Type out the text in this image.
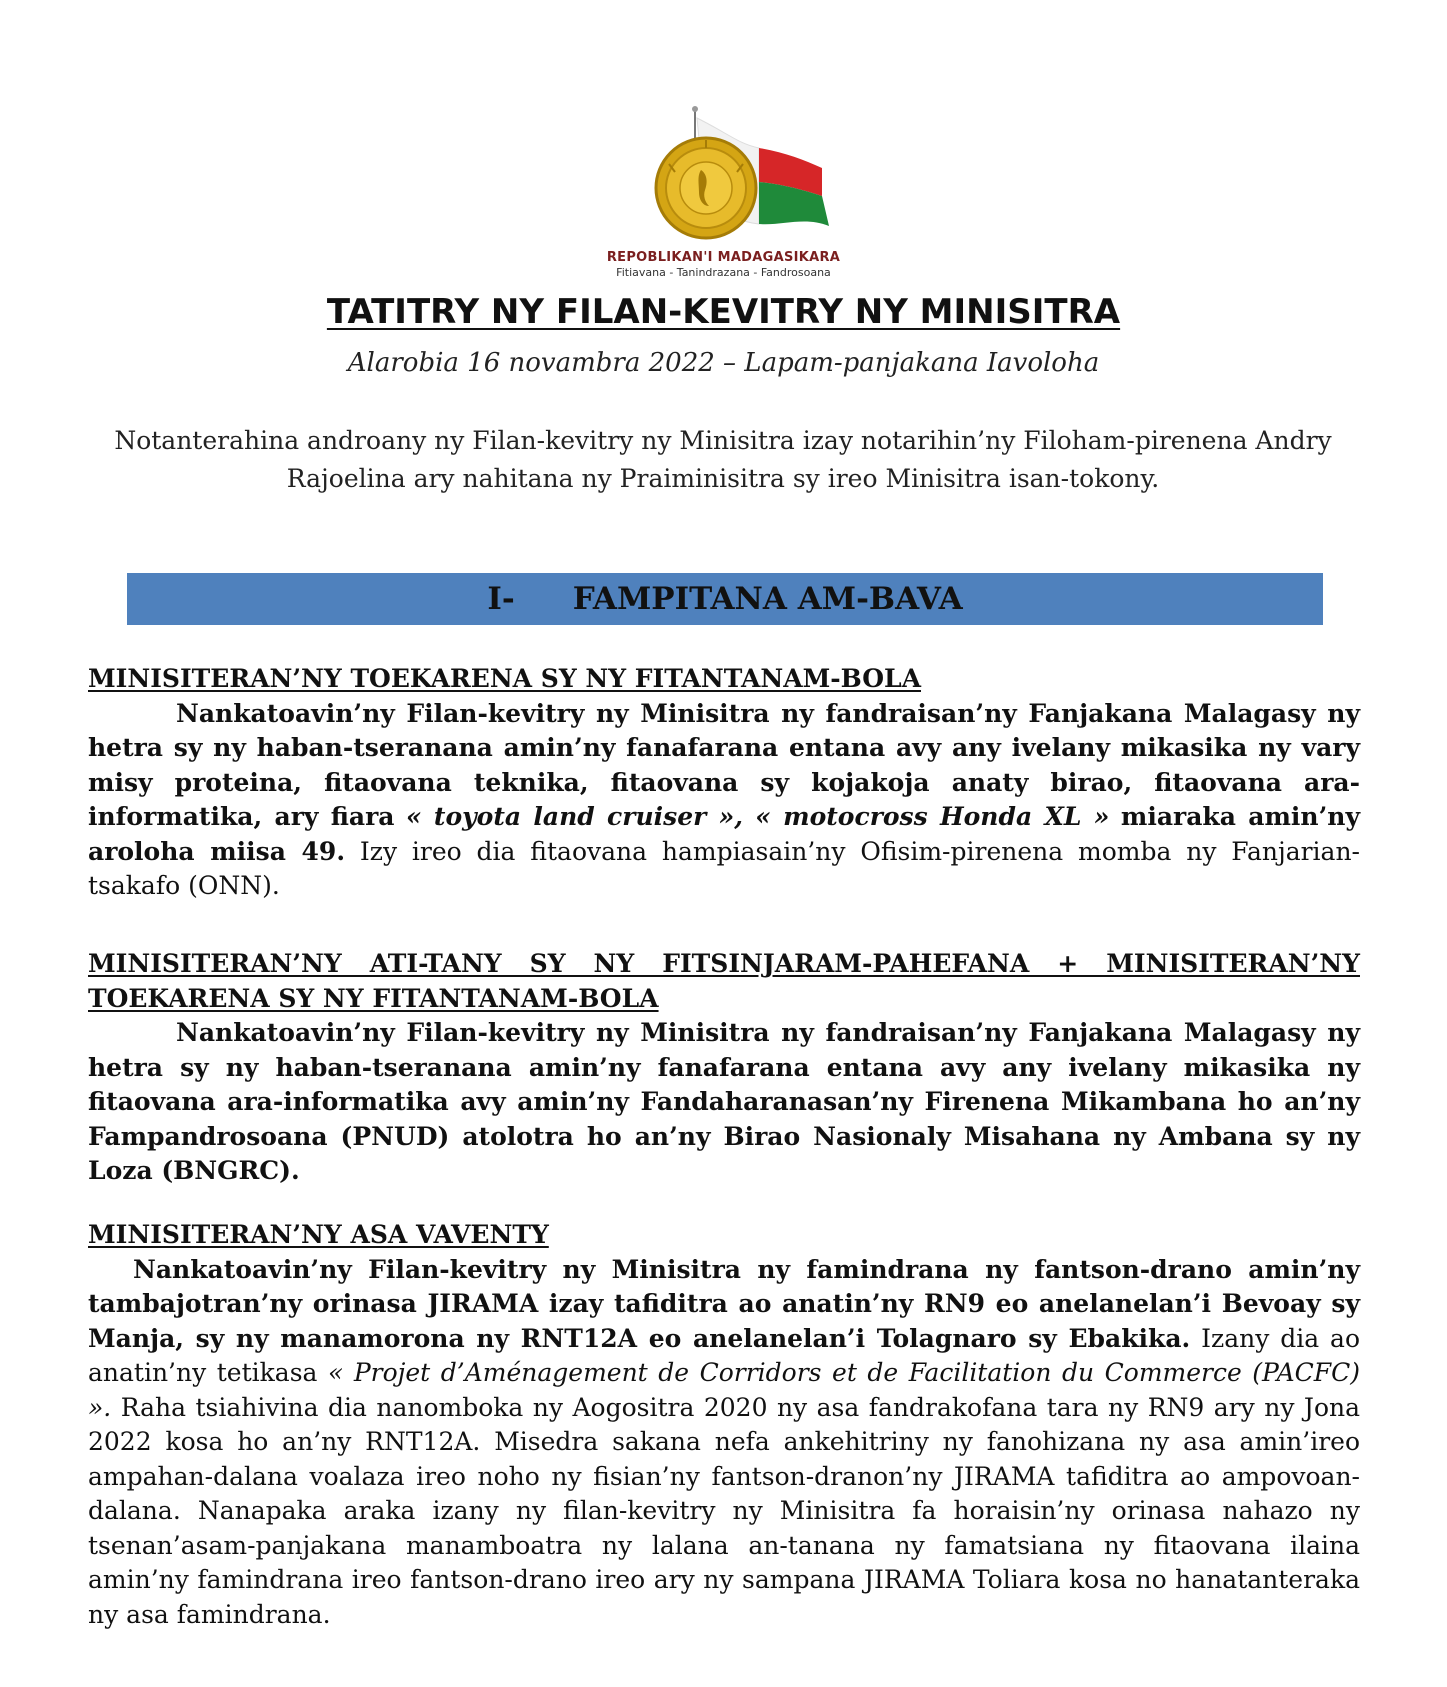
REPOBLIKAN'I MADAGASIKARA
Fitiavana - Tanindrazana - Fandrosoana
TATITRY NY FILAN-KEVITRY NY MINISITRA
Alarobia 16 novambra 2022 – Lapam-panjakana Iavoloha
Notanterahina androany ny Filan-kevitry ny Minisitra izay notarihin’ny Filoham-pirenena Andry Rajoelina ary nahitana ny Praiminisitra sy ireo Minisitra isan-tokony.
I- FAMPITANA AM-BAVA
MINISITERAN’NY TOEKARENA SY NY FITANTANAM-BOLA
Nankatoavin’ny Filan-kevitry ny Minisitra ny fandraisan’ny Fanjakana Malagasy ny hetra sy ny haban-tseranana amin’ny fanafarana entana avy any ivelany mikasika ny vary misy proteina, fitaovana teknika, fitaovana sy kojakoja anaty birao, fitaovana ara-informatika, ary fiara « toyota land cruiser », « motocross Honda XL » miaraka amin’ny aroloha miisa 49. Izy ireo dia fitaovana hampiasain’ny Ofisim-pirenena momba ny Fanjarian-tsakafo (ONN).
MINISITERAN’NY ATI-TANY SY NY FITSINJARAM-PAHEFANA + MINISITERAN’NY TOEKARENA SY NY FITANTANAM-BOLA
Nankatoavin’ny Filan-kevitry ny Minisitra ny fandraisan’ny Fanjakana Malagasy ny hetra sy ny haban-tseranana amin’ny fanafarana entana avy any ivelany mikasika ny fitaovana ara-informatika avy amin’ny Fandaharanasan’ny Firenena Mikambana ho an’ny Fampandrosoana (PNUD) atolotra ho an’ny Birao Nasionaly Misahana ny Ambana sy ny Loza (BNGRC).
MINISITERAN’NY ASA VAVENTY
Nankatoavin’ny Filan-kevitry ny Minisitra ny famindrana ny fantson-drano amin’ny tambajotran’ny orinasa JIRAMA izay tafiditra ao anatin’ny RN9 eo anelanelan’i Bevoay sy Manja, sy ny manamorona ny RNT12A eo anelanelan’i Tolagnaro sy Ebakika. Izany dia ao anatin’ny tetikasa « Projet d’Aménagement de Corridors et de Facilitation du Commerce (PACFC) ». Raha tsiahivina dia nanomboka ny Aogositra 2020 ny asa fandrakofana tara ny RN9 ary ny Jona 2022 kosa ho an’ny RNT12A. Misedra sakana nefa ankehitriny ny fanohizana ny asa amin’ireo ampahan-dalana voalaza ireo noho ny fisian’ny fantson-dranon’ny JIRAMA tafiditra ao ampovoan-dalana. Nanapaka araka izany ny filan-kevitry ny Minisitra fa horaisin’ny orinasa nahazo ny tsenan’asam-panjakana manamboatra ny lalana an-tanana ny famatsiana ny fitaovana ilaina amin’ny famindrana ireo fantson-drano ireo ary ny sampana JIRAMA Toliara kosa no hanatanteraka ny asa famindrana.
